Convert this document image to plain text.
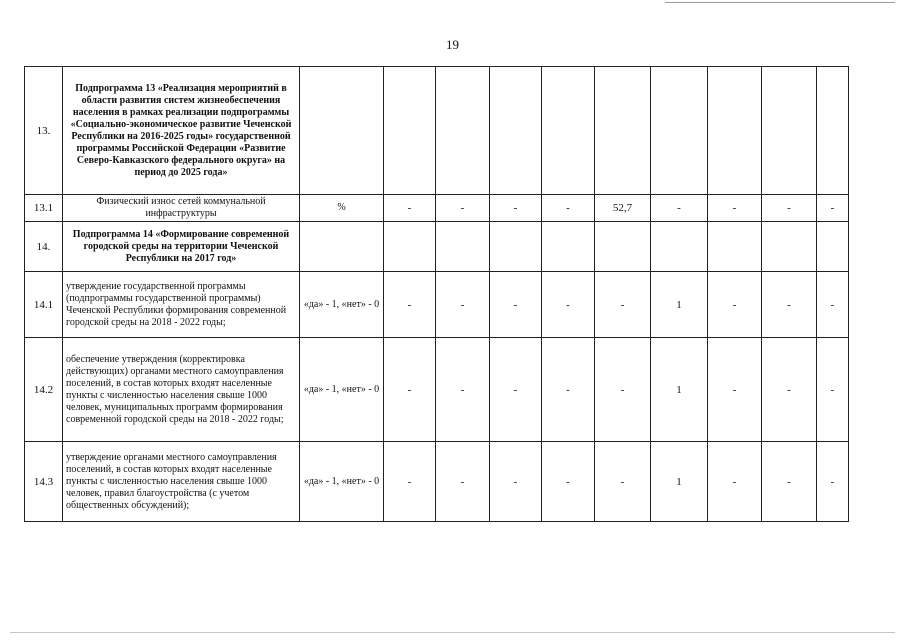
19
13.	Подпрограмма 13 «Реализация мероприятий в области развития систем жизнеобеспечения населения в рамках реализации подпрограммы «Социально-экономическое развитие Чеченской Республики на 2016-2025 годы» государственной программы Российской Федерации «Развитие Северо-Кавказского федерального округа» на период до 2025 года»										
13.1	Физический износ сетей коммунальной инфраструктуры	%	-	-	-	-	52,7	-	-	-	-
14.	Подпрограмма 14 «Формирование современной городской среды на территории Чеченской Республики на 2017 год»										
14.1	утверждение государственной программы (подпрограммы государственной программы) Чеченской Республики формирования современной городской среды на 2018 - 2022 годы;	«да» - 1, «нет» - 0	-	-	-	-	-	1	-	-	-
14.2	обеспечение утверждения (корректировка действующих) органами местного самоуправления поселений, в состав которых входят населенные пункты с численностью населения свыше 1000 человек, муниципальных программ формирования современной городской среды на 2018 - 2022 годы;	«да» - 1, «нет» - 0	-	-	-	-	-	1	-	-	-
14.3	утверждение органами местного самоуправления поселений, в состав которых входят населенные пункты с численностью населения свыше 1000 человек, правил благоустройства (с учетом общественных обсуждений);	«да» - 1, «нет» - 0	-	-	-	-	-	1	-	-	-
